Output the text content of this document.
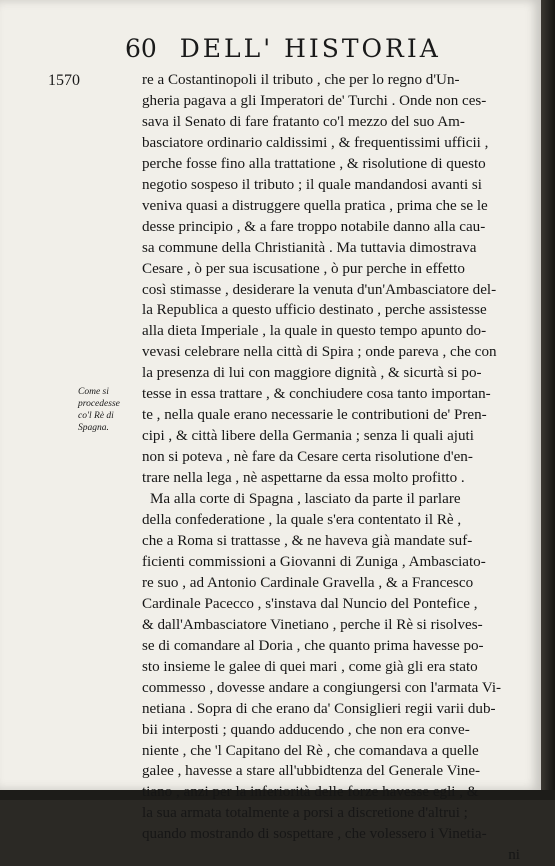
60 DELL' HISTORIA
1570
Come si
procedesse
co'l Rè di
Spagna.
re a Costantinopoli il tributo , che per lo regno d'Un-
gheria pagava a gli Imperatori de' Turchi . Onde non ces-
sava il Senato di fare fratanto co'l mezzo del suo Am-
basciatore ordinario caldissimi , & frequentissimi ufficii ,
perche fosse fino alla trattatione , & risolutione di questo
negotio sospeso il tributo ; il quale mandandosi avanti si
veniva quasi a distruggere quella pratica , prima che se le
desse principio , & a fare troppo notabile danno alla cau-
sa commune della Christianità . Ma tuttavia dimostrava
Cesare , ò per sua iscusatione , ò pur perche in effetto
così stimasse , desiderare la venuta d'un'Ambasciatore del-
la Republica a questo ufficio destinato , perche assistesse
alla dieta Imperiale , la quale in questo tempo apunto do-
vevasi celebrare nella città di Spira ; onde pareva , che con
la presenza di lui con maggiore dignità , & sicurtà si po-
tesse in essa trattare , & conchiudere cosa tanto importan-
te , nella quale erano necessarie le contributioni de' Pren-
cipi , & città libere della Germania ; senza li quali ajuti
non si poteva , nè fare da Cesare certa risolutione d'en-
trare nella lega , nè aspettarne da essa molto profitto .
Ma alla corte di Spagna , lasciato da parte il parlare
della confederatione , la quale s'era contentato il Rè ,
che a Roma si trattasse , & ne haveva già mandate suf-
ficienti commissioni a Giovanni di Zuniga , Ambasciato-
re suo , ad Antonio Cardinale Gravella , & a Francesco
Cardinale Pacecco , s'instava dal Nuncio del Pontefice ,
& dall'Ambasciatore Vinetiano , perche il Rè si risolves-
se di comandare al Doria , che quanto prima havesse po-
sto insieme le galee di quei mari , come già gli era stato
commesso , dovesse andare a congiungersi con l'armata Vi-
netiana . Sopra di che erano da' Consiglieri regii varii dub-
bii interposti ; quando adducendo , che non era conve-
niente , che 'l Capitano del Rè , che comandava a quelle
galee , havesse a stare all'ubbidtenza del Generale Vine-
tiano , anzi per la inferiorità delle forze havesse egli , &
la sua armata totalmente a porsi a discretione d'altrui ;
quando mostrando di sospettare , che volessero i Vinetia-
ni
